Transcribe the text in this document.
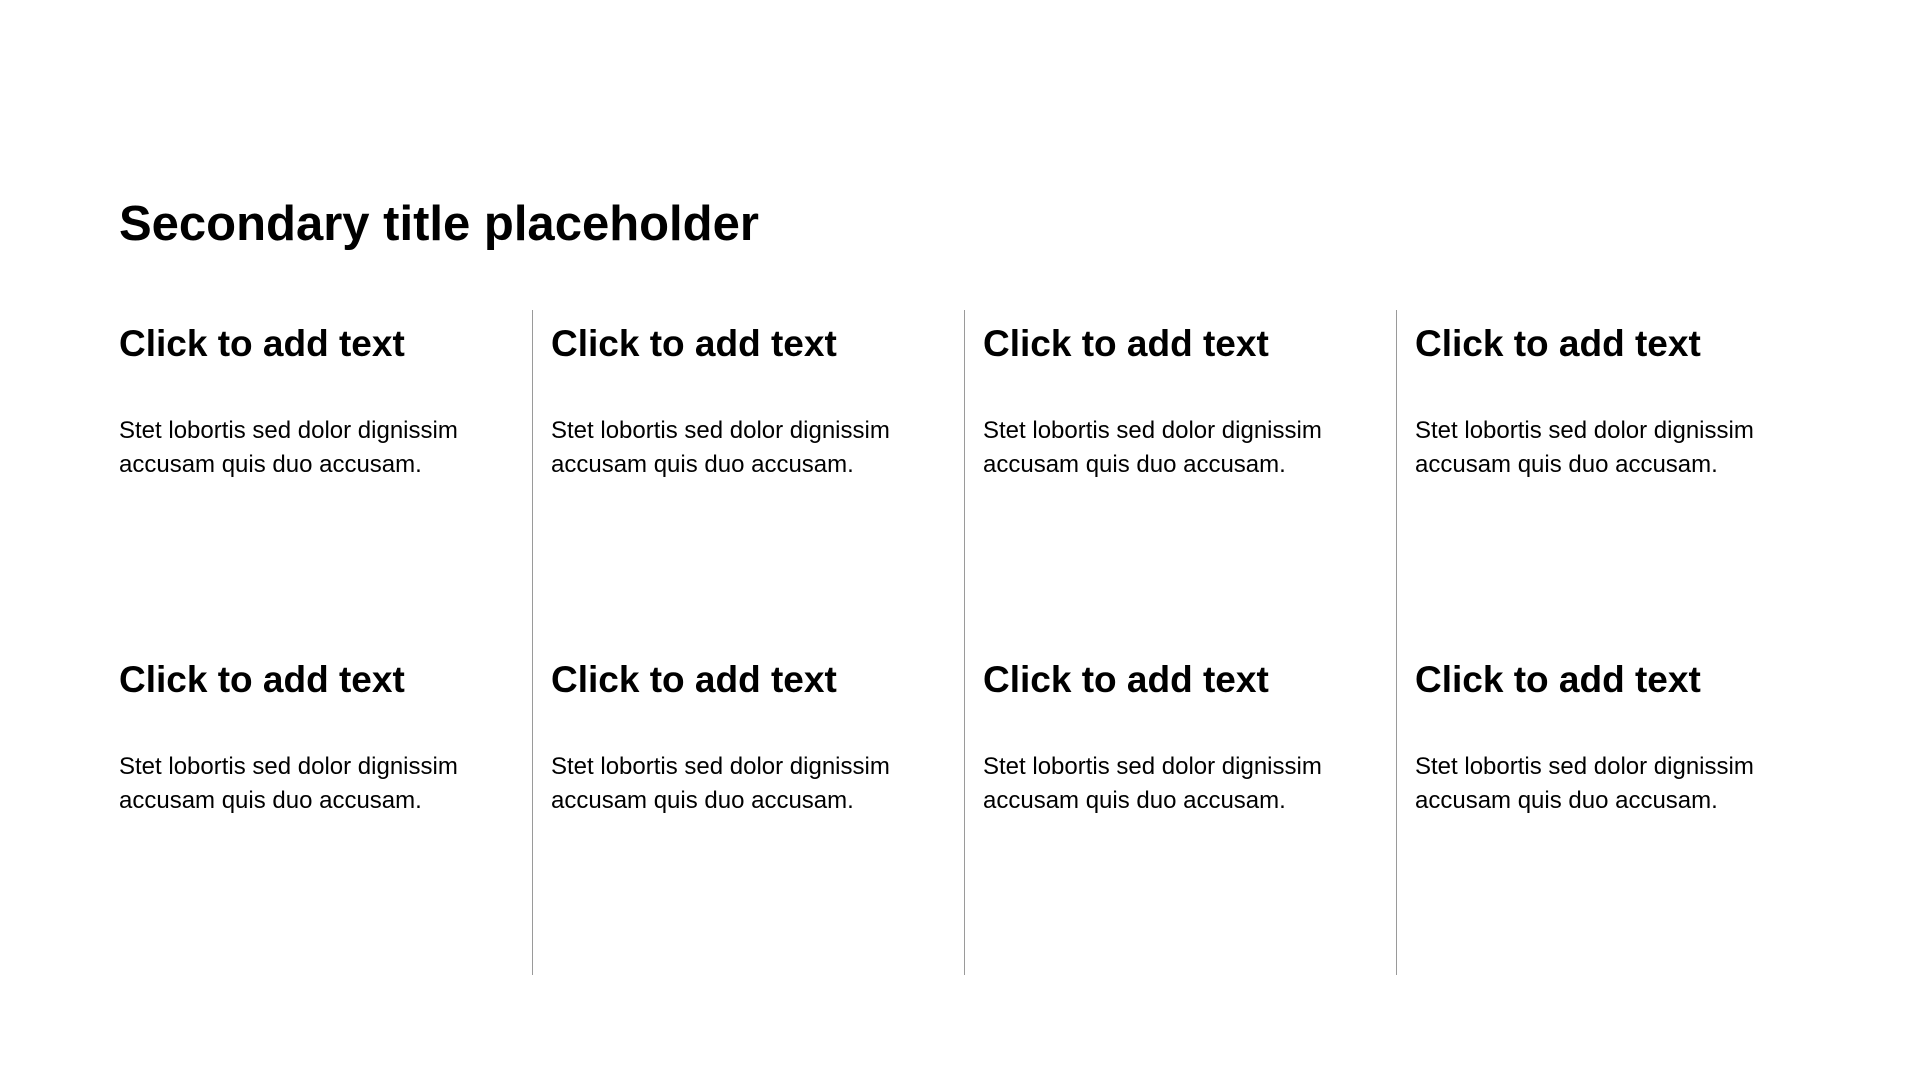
Secondary title placeholder
Click to add text

Stet lobortis sed dolor dignissim accusam quis duo accusam.

Click to add text

Stet lobortis sed dolor dignissim accusam quis duo accusam.

Click to add text

Stet lobortis sed dolor dignissim accusam quis duo accusam.

Click to add text

Stet lobortis sed dolor dignissim accusam quis duo accusam.

Click to add text

Stet lobortis sed dolor dignissim accusam quis duo accusam.

Click to add text

Stet lobortis sed dolor dignissim accusam quis duo accusam.

Click to add text

Stet lobortis sed dolor dignissim accusam quis duo accusam.

Click to add text

Stet lobortis sed dolor dignissim accusam quis duo accusam.
